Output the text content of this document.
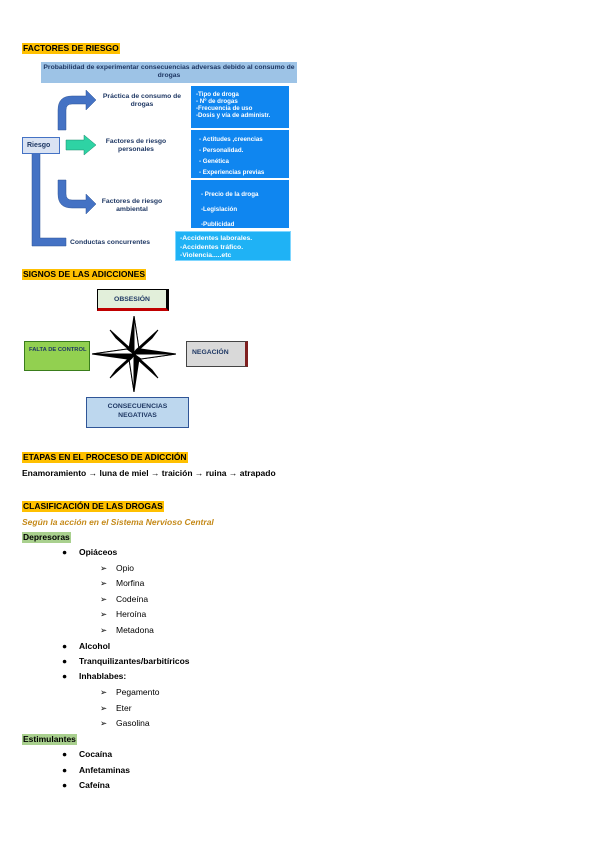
FACTORES DE RIESGO
Probabilidad de experimentar consecuencias adversas debido al consumo de drogas
Riesgo
Práctica de consumo de drogas
Factores de riesgo personales
Factores de riesgo ambiental
Conductas concurrentes
-Tipo de droga
- Nº de drogas
-Frecuencia de uso
-Dosis y vía de administr.
- Actitudes ,creencias
- Personalidad.
- Genética
- Experiencias previas
- Precio de la droga
-Legislación
-Publicidad
-Accidentes laborales.
-Accidentes tráfico.
-Violencia.....etc
SIGNOS DE LAS ADICCIONES
OBSESIÓN
FALTA DE CONTROL	NEGACIÓN
CONSECUENCIAS NEGATIVAS
ETAPAS EN EL PROCESO DE ADICCIÓN
Enamoramiento → luna de miel → traición → ruina → atrapado
CLASIFICACIÓN DE LAS DROGAS
Según la acción en el Sistema Nervioso Central
Depresoras
● Opiáceos
➢ Opio
➢ Morfina
➢ Codeína
➢ Heroína
➢ Metadona
● Alcohol
● Tranquilizantes/barbitíricos
● Inhablabes:
➢ Pegamento
➢ Eter
➢ Gasolina
Estimulantes
● Cocaína
● Anfetaminas
● Cafeína
